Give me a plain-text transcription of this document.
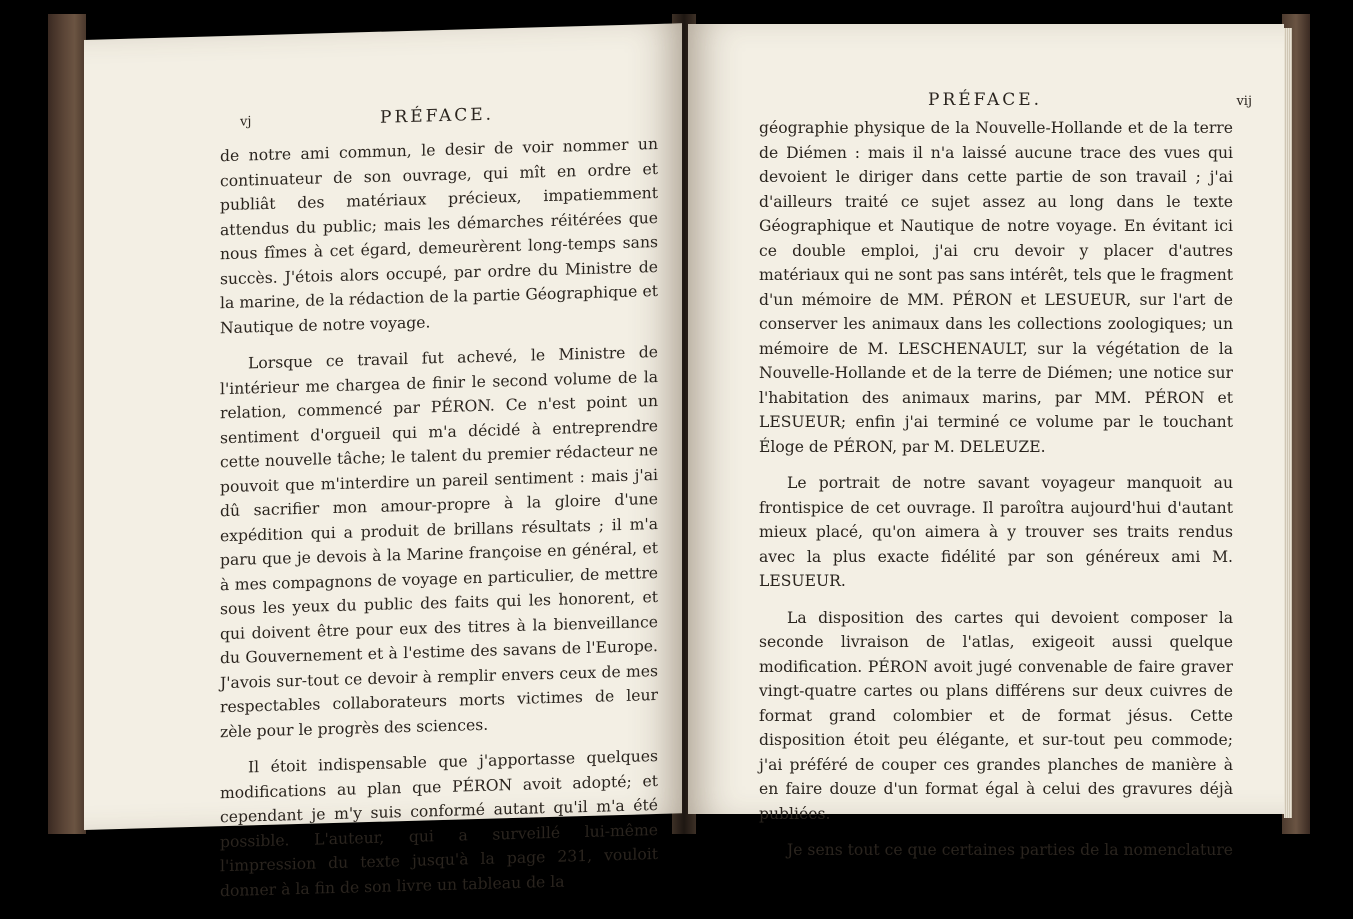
vj	PRÉFACE.

de notre ami commun, le desir de voir nommer un continuateur de son ouvrage, qui mît en ordre et publiât des matériaux précieux, impatiemment attendus du public; mais les démarches réitérées que nous fîmes à cet égard, demeurèrent long-temps sans succès. J'étois alors occupé, par ordre du Ministre de la marine, de la rédaction de la partie Géographique et Nautique de notre voyage.

Lorsque ce travail fut achevé, le Ministre de l'intérieur me chargea de finir le second volume de la relation, commencé par PÉRON. Ce n'est point un sentiment d'orgueil qui m'a décidé à entreprendre cette nouvelle tâche; le talent du premier rédacteur ne pouvoit que m'interdire un pareil sentiment : mais j'ai dû sacrifier mon amour-propre à la gloire d'une expédition qui a produit de brillans résultats ; il m'a paru que je devois à la Marine françoise en général, et à mes compagnons de voyage en particulier, de mettre sous les yeux du public des faits qui les honorent, et qui doivent être pour eux des titres à la bienveillance du Gouvernement et à l'estime des savans de l'Europe. J'avois sur-tout ce devoir à remplir envers ceux de mes respectables collaborateurs morts victimes de leur zèle pour le progrès des sciences.

Il étoit indispensable que j'apportasse quelques modifications au plan que PÉRON avoit adopté; et cependant je m'y suis conformé autant qu'il m'a été possible. L'auteur, qui a surveillé lui-même l'impression du texte jusqu'à la page 231, vouloit donner à la fin de son livre un tableau de la

PRÉFACE.	vij

géographie physique de la Nouvelle-Hollande et de la terre de Diémen : mais il n'a laissé aucune trace des vues qui devoient le diriger dans cette partie de son travail ; j'ai d'ailleurs traité ce sujet assez au long dans le texte Géographique et Nautique de notre voyage. En évitant ici ce double emploi, j'ai cru devoir y placer d'autres matériaux qui ne sont pas sans intérêt, tels que le fragment d'un mémoire de MM. PÉRON et LESUEUR, sur l'art de conserver les animaux dans les collections zoologiques; un mémoire de M. LESCHENAULT, sur la végétation de la Nouvelle-Hollande et de la terre de Diémen; une notice sur l'habitation des animaux marins, par MM. PÉRON et LESUEUR; enfin j'ai terminé ce volume par le touchant Éloge de PÉRON, par M. DELEUZE.

Le portrait de notre savant voyageur manquoit au frontispice de cet ouvrage. Il paroîtra aujourd'hui d'autant mieux placé, qu'on aimera à y trouver ses traits rendus avec la plus exacte fidélité par son généreux ami M. LESUEUR.

La disposition des cartes qui devoient composer la seconde livraison de l'atlas, exigeoit aussi quelque modification. PÉRON avoit jugé convenable de faire graver vingt-quatre cartes ou plans différens sur deux cuivres de format grand colombier et de format jésus. Cette disposition étoit peu élégante, et sur-tout peu commode; j'ai préféré de couper ces grandes planches de manière à en faire douze d'un format égal à celui des gravures déjà publiées.

Je sens tout ce que certaines parties de la nomenclature
